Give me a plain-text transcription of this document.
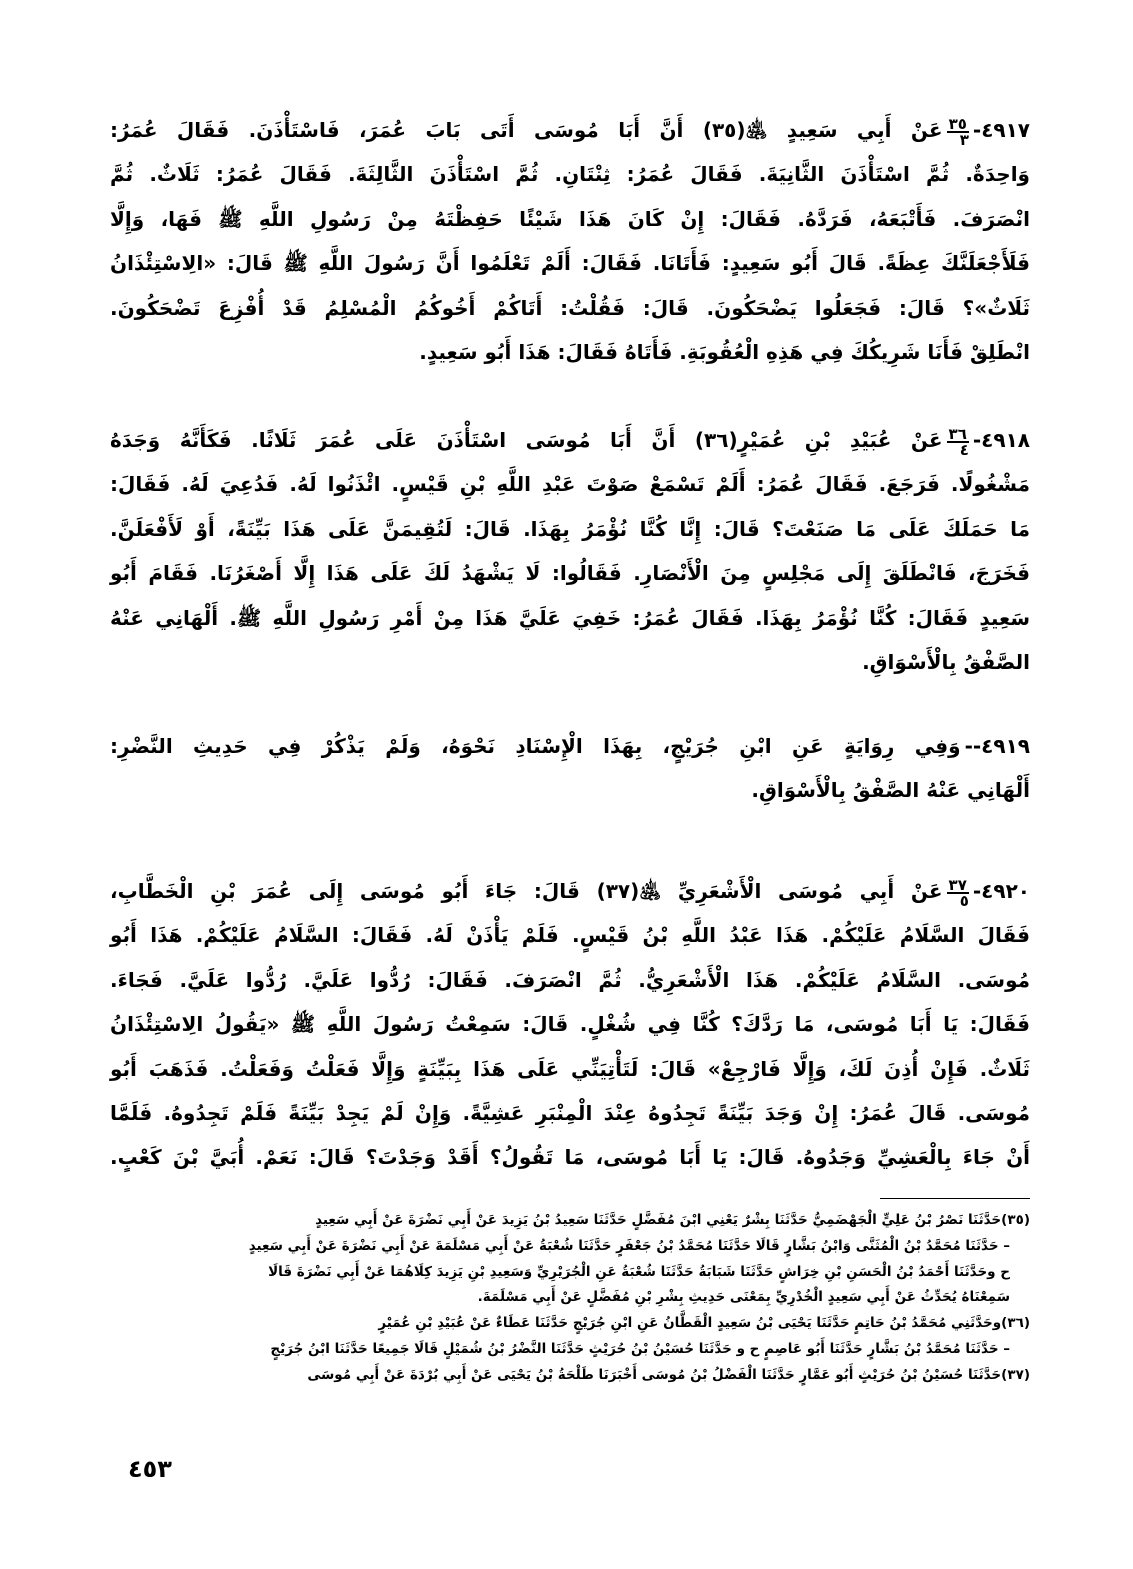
٤٩١٧-
$\frac{٣٥}{٣}$
عَنْ أَبِي سَعِيدٍ ﵁(٣٥) أَنَّ أَبَا مُوسَى أَتَى بَابَ عُمَرَ، فَاسْتَأْذَنَ. فَقَالَ عُمَرُ:
وَاحِدَةٌ. ثُمَّ اسْتَأْذَنَ الثَّانِيَةَ. فَقَالَ عُمَرُ: ثِنْتَانِ. ثُمَّ اسْتَأْذَنَ الثَّالِثَةَ. فَقَالَ عُمَرُ: ثَلَاثٌ. ثُمَّ
انْصَرَفَ. فَأَتْبَعَهُ، فَرَدَّهُ. فَقَالَ: إِنْ كَانَ هَذَا شَيْئًا حَفِظْتَهُ مِنْ رَسُولِ اللَّهِ ﷺ فَهَا، وَإِلَّا
فَلَأَجْعَلَنَّكَ عِظَةً. قَالَ أَبُو سَعِيدٍ: فَأَتَانَا. فَقَالَ: أَلَمْ تَعْلَمُوا أَنَّ رَسُولَ اللَّهِ ﷺ قَالَ: «الِاسْتِئْذَانُ
ثَلَاثٌ»؟ قَالَ: فَجَعَلُوا يَضْحَكُونَ. قَالَ: فَقُلْتُ: أَتَاكُمْ أَخُوكُمُ الْمُسْلِمُ قَدْ أُفْزِعَ تَضْحَكُونَ.
انْطَلِقْ فَأَنَا شَرِيكُكَ فِي هَذِهِ الْعُقُوبَةِ. فَأَتَاهُ فَقَالَ: هَذَا أَبُو سَعِيدٍ.
٤٩١٨-
$\frac{٣٦}{٤}$
عَنْ عُبَيْدِ بْنِ عُمَيْرٍ(٣٦) أَنَّ أَبَا مُوسَى اسْتَأْذَنَ عَلَى عُمَرَ ثَلَاثًا. فَكَأَنَّهُ وَجَدَهُ
مَشْغُولًا. فَرَجَعَ. فَقَالَ عُمَرُ: أَلَمْ تَسْمَعْ صَوْتَ عَبْدِ اللَّهِ بْنِ قَيْسٍ. ائْذَنُوا لَهُ. فَدُعِيَ لَهُ. فَقَالَ:
مَا حَمَلَكَ عَلَى مَا صَنَعْتَ؟ قَالَ: إِنَّا كُنَّا نُؤْمَرُ بِهَذَا. قَالَ: لَتُقِيمَنَّ عَلَى هَذَا بَيِّنَةً، أَوْ لَأَفْعَلَنَّ.
فَخَرَجَ، فَانْطَلَقَ إِلَى مَجْلِسٍ مِنَ الْأَنْصَارِ. فَقَالُوا: لَا يَشْهَدُ لَكَ عَلَى هَذَا إِلَّا أَصْغَرُنَا. فَقَامَ أَبُو
سَعِيدٍ فَقَالَ: كُنَّا نُؤْمَرُ بِهَذَا. فَقَالَ عُمَرُ: خَفِيَ عَلَيَّ هَذَا مِنْ أَمْرِ رَسُولِ اللَّهِ ﷺ. أَلْهَانِي عَنْهُ
الصَّفْقُ بِالْأَسْوَاقِ.
٤٩١٩--وَفِي رِوَايَةٍ عَنِ ابْنِ جُرَيْجٍ، بِهَذَا الْإِسْنَادِ نَحْوَهُ، وَلَمْ يَذْكُرْ فِي حَدِيثِ النَّضْرِ:
أَلْهَانِي عَنْهُ الصَّفْقُ بِالْأَسْوَاقِ.
٤٩٢٠-
$\frac{٣٧}{٥}$
عَنْ أَبِي مُوسَى الْأَشْعَرِيِّ ﵁(٣٧) قَالَ: جَاءَ أَبُو مُوسَى إِلَى عُمَرَ بْنِ الْخَطَّابِ،
فَقَالَ السَّلَامُ عَلَيْكُمْ. هَذَا عَبْدُ اللَّهِ بْنُ قَيْسٍ. فَلَمْ يَأْذَنْ لَهُ. فَقَالَ: السَّلَامُ عَلَيْكُمْ. هَذَا أَبُو
مُوسَى. السَّلَامُ عَلَيْكُمْ. هَذَا الْأَشْعَرِيُّ. ثُمَّ انْصَرَفَ. فَقَالَ: رُدُّوا عَلَيَّ. رُدُّوا عَلَيَّ. فَجَاءَ.
فَقَالَ: يَا أَبَا مُوسَى، مَا رَدَّكَ؟ كُنَّا فِي شُغْلٍ. قَالَ: سَمِعْتُ رَسُولَ اللَّهِ ﷺ «يَقُولُ الِاسْتِئْذَانُ
ثَلَاثٌ. فَإِنْ أُذِنَ لَكَ، وَإِلَّا فَارْجِعْ» قَالَ: لَتَأْتِيَنِّي عَلَى هَذَا بِبَيِّنَةٍ وَإِلَّا فَعَلْتُ وَفَعَلْتُ. فَذَهَبَ أَبُو
مُوسَى. قَالَ عُمَرُ: إِنْ وَجَدَ بَيِّنَةً تَجِدُوهُ عِنْدَ الْمِنْبَرِ عَشِيَّةً. وَإِنْ لَمْ يَجِدْ بَيِّنَةً فَلَمْ تَجِدُوهُ. فَلَمَّا
أَنْ جَاءَ بِالْعَشِيِّ وَجَدُوهُ. قَالَ: يَا أَبَا مُوسَى، مَا تَقُولُ؟ أَقَدْ وَجَدْتَ؟ قَالَ: نَعَمْ. أُبَيَّ بْنَ كَعْبٍ.
(٣٥)حَدَّثَنَا نَصْرُ بْنُ عَلِيٍّ الْجَهْضَمِيُّ حَدَّثَنَا بِشْرٌ يَعْنِي ابْنَ مُفَضَّلٍ حَدَّثَنَا سَعِيدُ بْنُ يَزِيدَ عَنْ أَبِي نَضْرَةَ عَنْ أَبِي سَعِيدٍ
– حَدَّثَنَا مُحَمَّدُ بْنُ الْمُثَنَّى وَابْنُ بَشَّارٍ قَالَا حَدَّثَنَا مُحَمَّدُ بْنُ جَعْفَرٍ حَدَّثَنَا شُعْبَةُ عَنْ أَبِي مَسْلَمَةَ عَنْ أَبِي نَضْرَةَ عَنْ أَبِي سَعِيدٍ
ح وحَدَّثَنَا أَحْمَدُ بْنُ الْحَسَنِ بْنِ خِرَاشٍ حَدَّثَنَا شَبَابَةُ حَدَّثَنَا شُعْبَةُ عَنِ الْجُرَيْرِيِّ وَسَعِيدِ بْنِ يَزِيدَ كِلَاهُمَا عَنْ أَبِي نَضْرَةَ قَالَا
سَمِعْنَاهُ يُحَدِّثُ عَنْ أَبِي سَعِيدٍ الْخُدْرِيِّ بِمَعْنَى حَدِيثِ بِشْرِ بْنِ مُفَضَّلٍ عَنْ أَبِي مَسْلَمَةَ.
(٣٦)وحَدَّثَنِي مُحَمَّدُ بْنُ حَاتِمٍ حَدَّثَنَا يَحْيَى بْنُ سَعِيدٍ الْقَطَّانُ عَنِ ابْنِ جُرَيْجٍ حَدَّثَنَا عَطَاءٌ عَنْ عُبَيْدِ بْنِ عُمَيْرٍ
– حَدَّثَنَا مُحَمَّدُ بْنُ بَشَّارٍ حَدَّثَنَا أَبُو عَاصِمٍ ح و حَدَّثَنَا حُسَيْنُ بْنُ حُرَيْثٍ حَدَّثَنَا النَّضْرُ بْنُ شُمَيْلٍ قَالَا جَمِيعًا حَدَّثَنَا ابْنُ جُرَيْجٍ
(٣٧)حَدَّثَنَا حُسَيْنُ بْنُ حُرَيْثٍ أَبُو عَمَّارٍ حَدَّثَنَا الْفَضْلُ بْنُ مُوسَى أَخْبَرَنَا طَلْحَةُ بْنُ يَحْيَى عَنْ أَبِي بُرْدَةَ عَنْ أَبِي مُوسَى
٤٥٣
